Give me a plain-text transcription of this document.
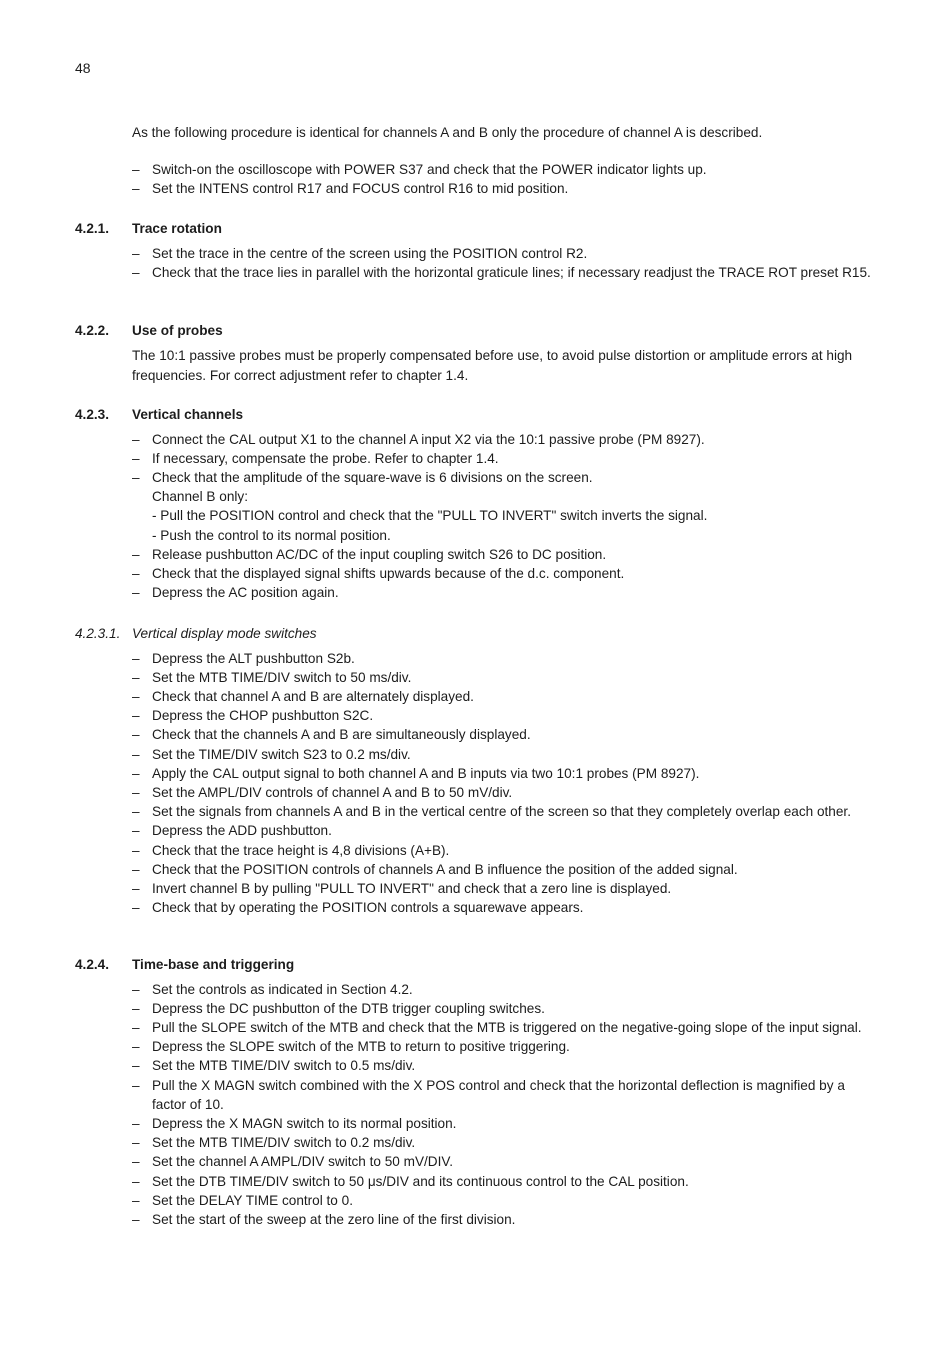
48

As the following procedure is identical for channels A and B only the procedure of channel A is described.

– Switch-on the oscilloscope with POWER S37 and check that the POWER indicator lights up.
– Set the INTENS control R17 and FOCUS control R16 to mid position.
4.2.1.	Trace rotation
– Set the trace in the centre of the screen using the POSITION control R2.
– Check that the trace lies in parallel with the horizontal graticule lines; if necessary readjust the TRACE ROT preset R15.
4.2.2.	Use of probes

The 10:1 passive probes must be properly compensated before use, to avoid pulse distortion or amplitude errors at high frequencies. For correct adjustment refer to chapter 1.4.

4.2.3.	Vertical channels
– Connect the CAL output X1 to the channel A input X2 via the 10:1 passive probe (PM 8927).
– If necessary, compensate the probe. Refer to chapter 1.4.
– Check that the amplitude of the square-wave is 6 divisions on the screen.
Channel B only:
- Pull the POSITION control and check that the "PULL TO INVERT" switch inverts the signal.
- Push the control to its normal position.
– Release pushbutton AC/DC of the input coupling switch S26 to DC position.
– Check that the displayed signal shifts upwards because of the d.c. component.
– Depress the AC position again.
4.2.3.1. Vertical display mode switches
– Depress the ALT pushbutton S2b.
– Set the MTB TIME/DIV switch to 50 ms/div.
– Check that channel A and B are alternately displayed.
– Depress the CHOP pushbutton S2C.
– Check that the channels A and B are simultaneously displayed.
– Set the TIME/DIV switch S23 to 0.2 ms/div.
– Apply the CAL output signal to both channel A and B inputs via two 10:1 probes (PM 8927).
– Set the AMPL/DIV controls of channel A and B to 50 mV/div.
– Set the signals from channels A and B in the vertical centre of the screen so that they completely overlap each other.
– Depress the ADD pushbutton.
– Check that the trace height is 4,8 divisions (A+B).
– Check that the POSITION controls of channels A and B influence the position of the added signal.
– Invert channel B by pulling "PULL TO INVERT" and check that a zero line is displayed.
– Check that by operating the POSITION controls a squarewave appears.
4.2.4.	Time-base and triggering
– Set the controls as indicated in Section 4.2.
– Depress the DC pushbutton of the DTB trigger coupling switches.
– Pull the SLOPE switch of the MTB and check that the MTB is triggered on the negative-going slope of the input signal.
– Depress the SLOPE switch of the MTB to return to positive triggering.
– Set the MTB TIME/DIV switch to 0.5 ms/div.
– Pull the X MAGN switch combined with the X POS control and check that the horizontal deflection is magnified by a factor of 10.
– Depress the X MAGN switch to its normal position.
– Set the MTB TIME/DIV switch to 0.2 ms/div.
– Set the channel A AMPL/DIV switch to 50 mV/DIV.
– Set the DTB TIME/DIV switch to 50 μs/DIV and its continuous control to the CAL position.
– Set the DELAY TIME control to 0.
– Set the start of the sweep at the zero line of the first division.
